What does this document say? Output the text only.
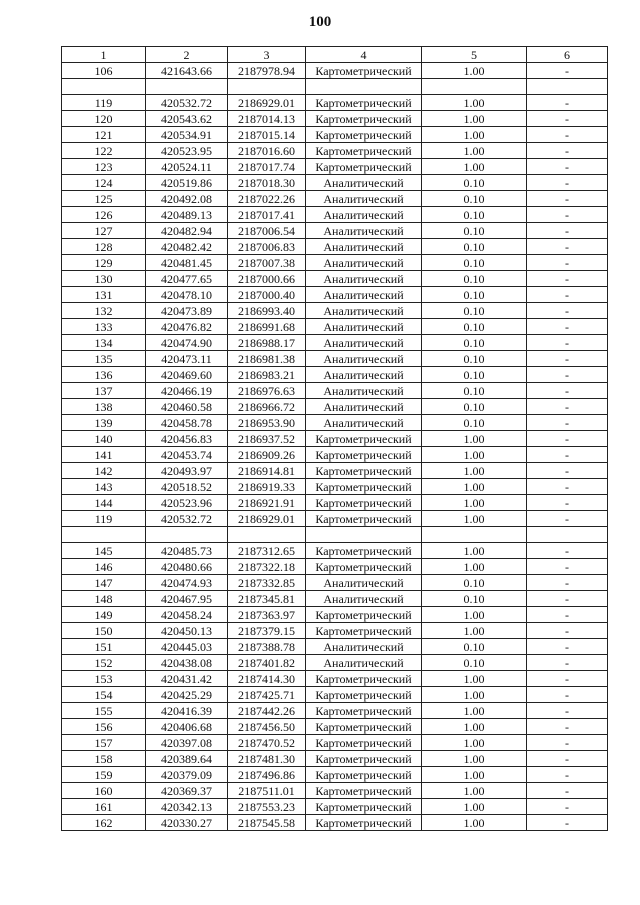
100
1	2	3	4	5	6
106	421643.66	2187978.94	Картометрический	1.00	-

119	420532.72	2186929.01	Картометрический	1.00	-
120	420543.62	2187014.13	Картометрический	1.00	-
121	420534.91	2187015.14	Картометрический	1.00	-
122	420523.95	2187016.60	Картометрический	1.00	-
123	420524.11	2187017.74	Картометрический	1.00	-
124	420519.86	2187018.30	Аналитический	0.10	-
125	420492.08	2187022.26	Аналитический	0.10	-
126	420489.13	2187017.41	Аналитический	0.10	-
127	420482.94	2187006.54	Аналитический	0.10	-
128	420482.42	2187006.83	Аналитический	0.10	-
129	420481.45	2187007.38	Аналитический	0.10	-
130	420477.65	2187000.66	Аналитический	0.10	-
131	420478.10	2187000.40	Аналитический	0.10	-
132	420473.89	2186993.40	Аналитический	0.10	-
133	420476.82	2186991.68	Аналитический	0.10	-
134	420474.90	2186988.17	Аналитический	0.10	-
135	420473.11	2186981.38	Аналитический	0.10	-
136	420469.60	2186983.21	Аналитический	0.10	-
137	420466.19	2186976.63	Аналитический	0.10	-
138	420460.58	2186966.72	Аналитический	0.10	-
139	420458.78	2186953.90	Аналитический	0.10	-
140	420456.83	2186937.52	Картометрический	1.00	-
141	420453.74	2186909.26	Картометрический	1.00	-
142	420493.97	2186914.81	Картометрический	1.00	-
143	420518.52	2186919.33	Картометрический	1.00	-
144	420523.96	2186921.91	Картометрический	1.00	-
119	420532.72	2186929.01	Картометрический	1.00	-

145	420485.73	2187312.65	Картометрический	1.00	-
146	420480.66	2187322.18	Картометрический	1.00	-
147	420474.93	2187332.85	Аналитический	0.10	-
148	420467.95	2187345.81	Аналитический	0.10	-
149	420458.24	2187363.97	Картометрический	1.00	-
150	420450.13	2187379.15	Картометрический	1.00	-
151	420445.03	2187388.78	Аналитический	0.10	-
152	420438.08	2187401.82	Аналитический	0.10	-
153	420431.42	2187414.30	Картометрический	1.00	-
154	420425.29	2187425.71	Картометрический	1.00	-
155	420416.39	2187442.26	Картометрический	1.00	-
156	420406.68	2187456.50	Картометрический	1.00	-
157	420397.08	2187470.52	Картометрический	1.00	-
158	420389.64	2187481.30	Картометрический	1.00	-
159	420379.09	2187496.86	Картометрический	1.00	-
160	420369.37	2187511.01	Картометрический	1.00	-
161	420342.13	2187553.23	Картометрический	1.00	-
162	420330.27	2187545.58	Картометрический	1.00	-
